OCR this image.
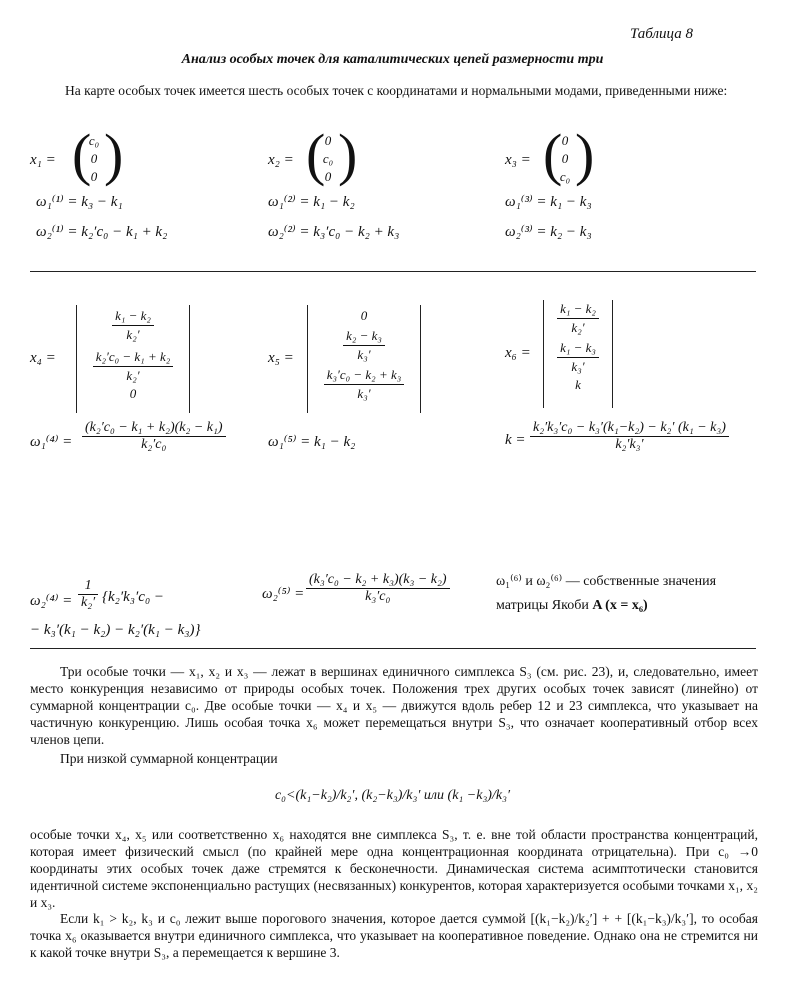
Таблица 8
Анализ особых точек для каталитических цепей размерности три
На карте особых точек имеется шесть особых точек с координатами и нормальными модами, приведенными ниже:
x₁ = (
c₀
0
0 )
ω₁⁽¹⁾ = k₃ − k₁
ω₂⁽¹⁾ = k₂′c₀ − k₁ + k₂
x₂ = ( 0
c₀
0 )
ω₁⁽²⁾ = k₁ − k₂
ω₂⁽²⁾ = k₃′c₀ − k₂ + k₃
x₃ = ( 0
0
c₀ )
ω₁⁽³⁾ = k₁ − k₃
ω₂⁽³⁾ = k₂ − k₃
x₄ =
$\frac{\text{k₁ − k₂}}{\text{k₂′}}$
$\frac{\text{k₂′c₀ − k₁ + k₂}}{\text{k₂′}}$
0
$\omega_1^{(4)} = \frac{\text{(k₂′c₀ − k₁ + k₂)(k₂ − k₁)}}{\text{k₂′c₀}}$
x₅ =
0
$\frac{\text{k₂ − k₃}}{\text{k₃′}}$
$\frac{\text{k₃′c₀ − k₂ + k₃}}{\text{k₃′}}$
ω₁⁽⁵⁾ = k₁ − k₂
x₆ =
$\frac{\text{k₁ − k₂}}{\text{k₂′}}$
$\frac{\text{k₁ − k₃}}{\text{k₃′}}$
k
$k = \frac{\text{k₂′k₃′c₀ − k₃′(k₁−k₂) − k₂′ (k₁ − k₃)}}{\text{k₂′k₃′}}$
$\omega_2^{(4)} = \frac{1}{\text{k₂′}} \{k_2'k_3'c_0$ −
− k₃′(k₁ − k₂) − k₂′(k₁ − k₃)}
$\omega_2^{(5)} = \frac{\text{(k₃′c₀ − k₂ + k₃)(k₃ − k₂)}}{\text{k₃′c₀}}$	ω₁⁽⁶⁾ и ω₂⁽⁶⁾ — собственные значения
матрицы Якоби A (x = x₆)
Три особые точки — x₁, x₂ и x₃ — лежат в вершинах единичного симплекса S₃ (см. рис. 23), и, следовательно, имеет место конкуренция независимо от природы особых точек. Положения трех других особых точек зависят (линейно) от суммарной концентрации c₀. Две особые точки — x₄ и x₅ — движутся вдоль ребер 12 и 23 симплекса, что указывает на частичную конкуренцию. Лишь особая точка x₆ может перемещаться внутри S₃, что означает кооперативный отбор всех членов цепи.
При низкой суммарной концентрации
c₀<(k₁−k₂)/k₂′, (k₂−k₃)/k₃′ или (k₁ −k₃)/k₃′
особые точки x₄, x₅ или соответственно x₆ находятся вне симплекса S₃, т. е. вне той области пространства концентраций, которая имеет физический смысл (по крайней мере одна концентрационная координата отрицательна). При c₀ →0 координаты этих особых точек даже стремятся к бесконечности. Динамическая система асимптотически становится идентичной системе экспоненциально растущих (несвязанных) конкурентов, которая характеризуется особыми точками x₁, x₂ и x₃.
Если k₁ > k₂, k₃ и c₀ лежит выше порогового значения, которое дается суммой [(k₁−k₂)/k₂′] + + [(k₁−k₃)/k₃′], то особая точка x₆ оказывается внутри единичного симплекса, что указывает на кооперативное поведение. Однако она не стремится ни к какой точке внутри S₃, а перемещается к вершине 3.
